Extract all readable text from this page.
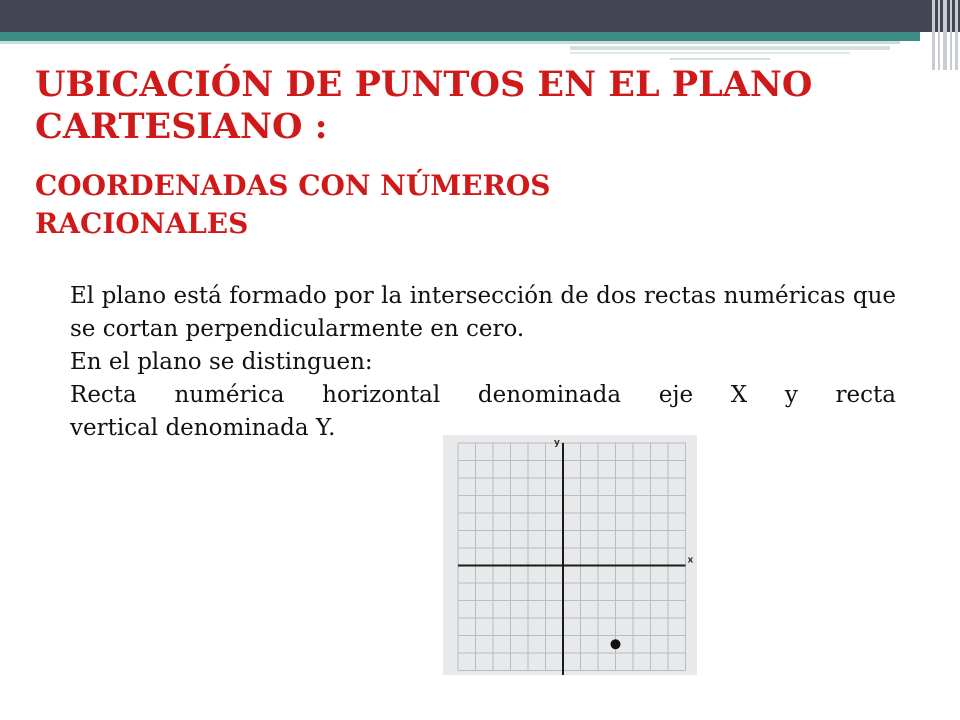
UBICACIÓN DE PUNTOS EN EL PLANO
CARTESIANO :
COORDENADAS CON NÚMEROS
RACIONALES

El plano está formado por la intersección de dos rectas numéricas que se cortan perpendicularmente en cero.

En el plano se distinguen:

Recta numérica horizontal denominada eje X y recta

vertical denominada Y.

x
y
